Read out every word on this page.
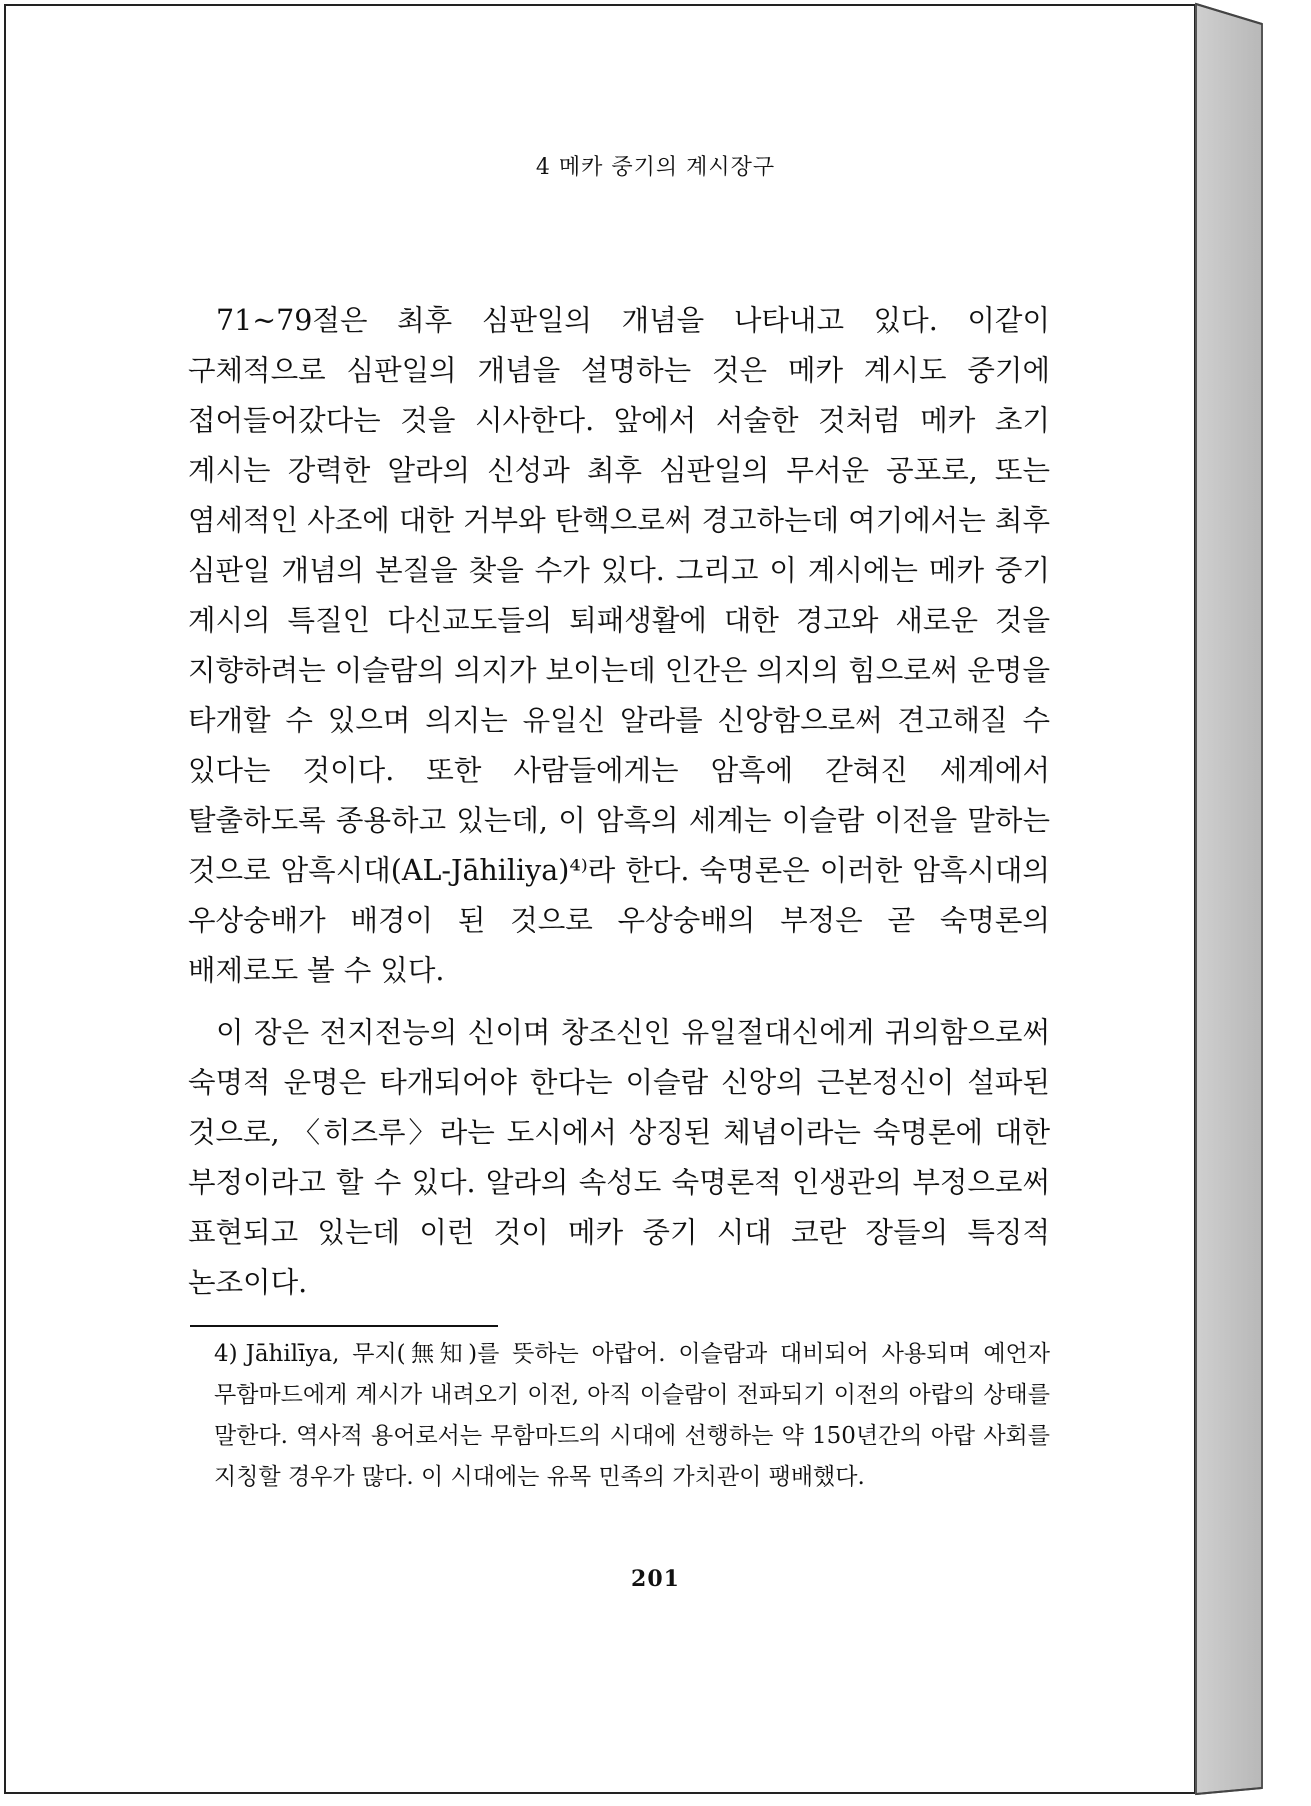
4 메카 중기의 계시장구

71~79절은 최후 심판일의 개념을 나타내고 있다. 이같이 구체적으로 심판일의 개념을 설명하는 것은 메카 계시도 중기에 접어들어갔다는 것을 시사한다. 앞에서 서술한 것처럼 메카 초기 계시는 강력한 알라의 신성과 최후 심판일의 무서운 공포로, 또는 염세적인 사조에 대한 거부와 탄핵으로써 경고하는데 여기에서는 최후 심판일 개념의 본질을 찾을 수가 있다. 그리고 이 계시에는 메카 중기 계시의 특질인 다신교도들의 퇴패생활에 대한 경고와 새로운 것을 지향하려는 이슬람의 의지가 보이는데 인간은 의지의 힘으로써 운명을 타개할 수 있으며 의지는 유일신 알라를 신앙함으로써 견고해질 수 있다는 것이다. 또한 사람들에게는 암흑에 갇혀진 세계에서 탈출하도록 종용하고 있는데, 이 암흑의 세계는 이슬람 이전을 말하는 것으로 암흑시대(AL-Jāhiliya)⁴⁾라 한다. 숙명론은 이러한 암흑시대의 우상숭배가 배경이 된 것으로 우상숭배의 부정은 곧 숙명론의 배제로도 볼 수 있다.

이 장은 전지전능의 신이며 창조신인 유일절대신에게 귀의함으로써 숙명적 운명은 타개되어야 한다는 이슬람 신앙의 근본정신이 설파된 것으로, 〈히즈루〉라는 도시에서 상징된 체념이라는 숙명론에 대한 부정이라고 할 수 있다. 알라의 속성도 숙명론적 인생관의 부정으로써 표현되고 있는데 이런 것이 메카 중기 시대 코란 장들의 특징적 논조이다.

4) Jāhilīya, 무지(無知)를 뜻하는 아랍어. 이슬람과 대비되어 사용되며 예언자 무함마드에게 계시가 내려오기 이전, 아직 이슬람이 전파되기 이전의 아랍의 상태를 말한다. 역사적 용어로서는 무함마드의 시대에 선행하는 약 150년간의 아랍 사회를 지칭할 경우가 많다. 이 시대에는 유목 민족의 가치관이 팽배했다.
201
